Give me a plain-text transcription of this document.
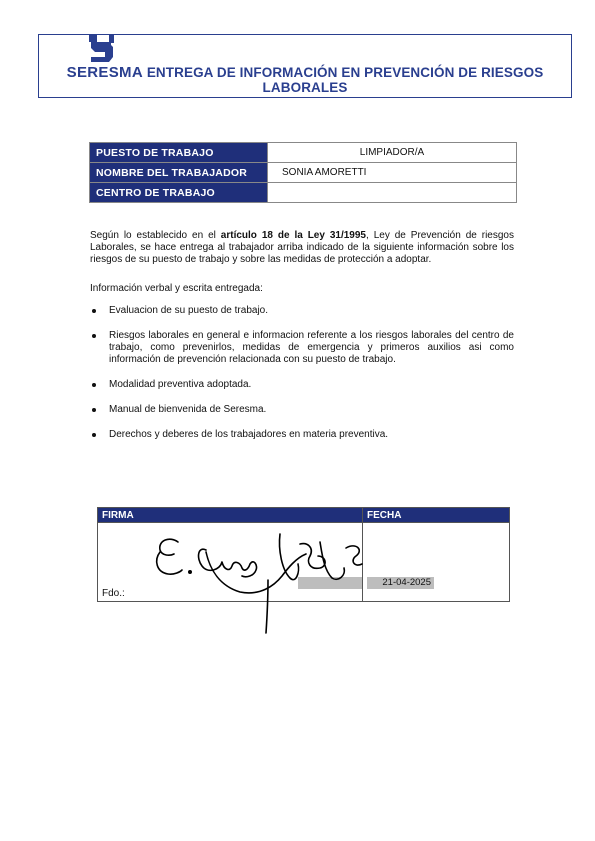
SERESMA ENTREGA DE INFORMACIÓN EN PREVENCIÓN DE RIESGOS LABORALES
PUESTO DE TRABAJO	LIMPIADOR/A
NOMBRE DEL TRABAJADOR	SONIA AMORETTI
CENTRO DE TRABAJO	
Según lo establecido en el artículo 18 de la Ley 31/1995, Ley de Prevención de riesgos Laborales, se hace entrega al trabajador arriba indicado de la siguiente información sobre los riesgos de su puesto de trabajo y sobre las medidas de protección a adoptar.
Información verbal y escrita entregada:
Evaluacion de su puesto de trabajo.
Riesgos laborales en general e informacion referente a los riesgos laborales del centro de trabajo, como prevenirlos, medidas de emergencia y primeros auxilios asi como información de prevención relacionada con su puesto de trabajo.
Modalidad preventiva adoptada.
Manual de bienvenida de Seresma.
Derechos y deberes de los trabajadores en materia preventiva.
FIRMA	FECHA

Fdo.:	21-04-2025
